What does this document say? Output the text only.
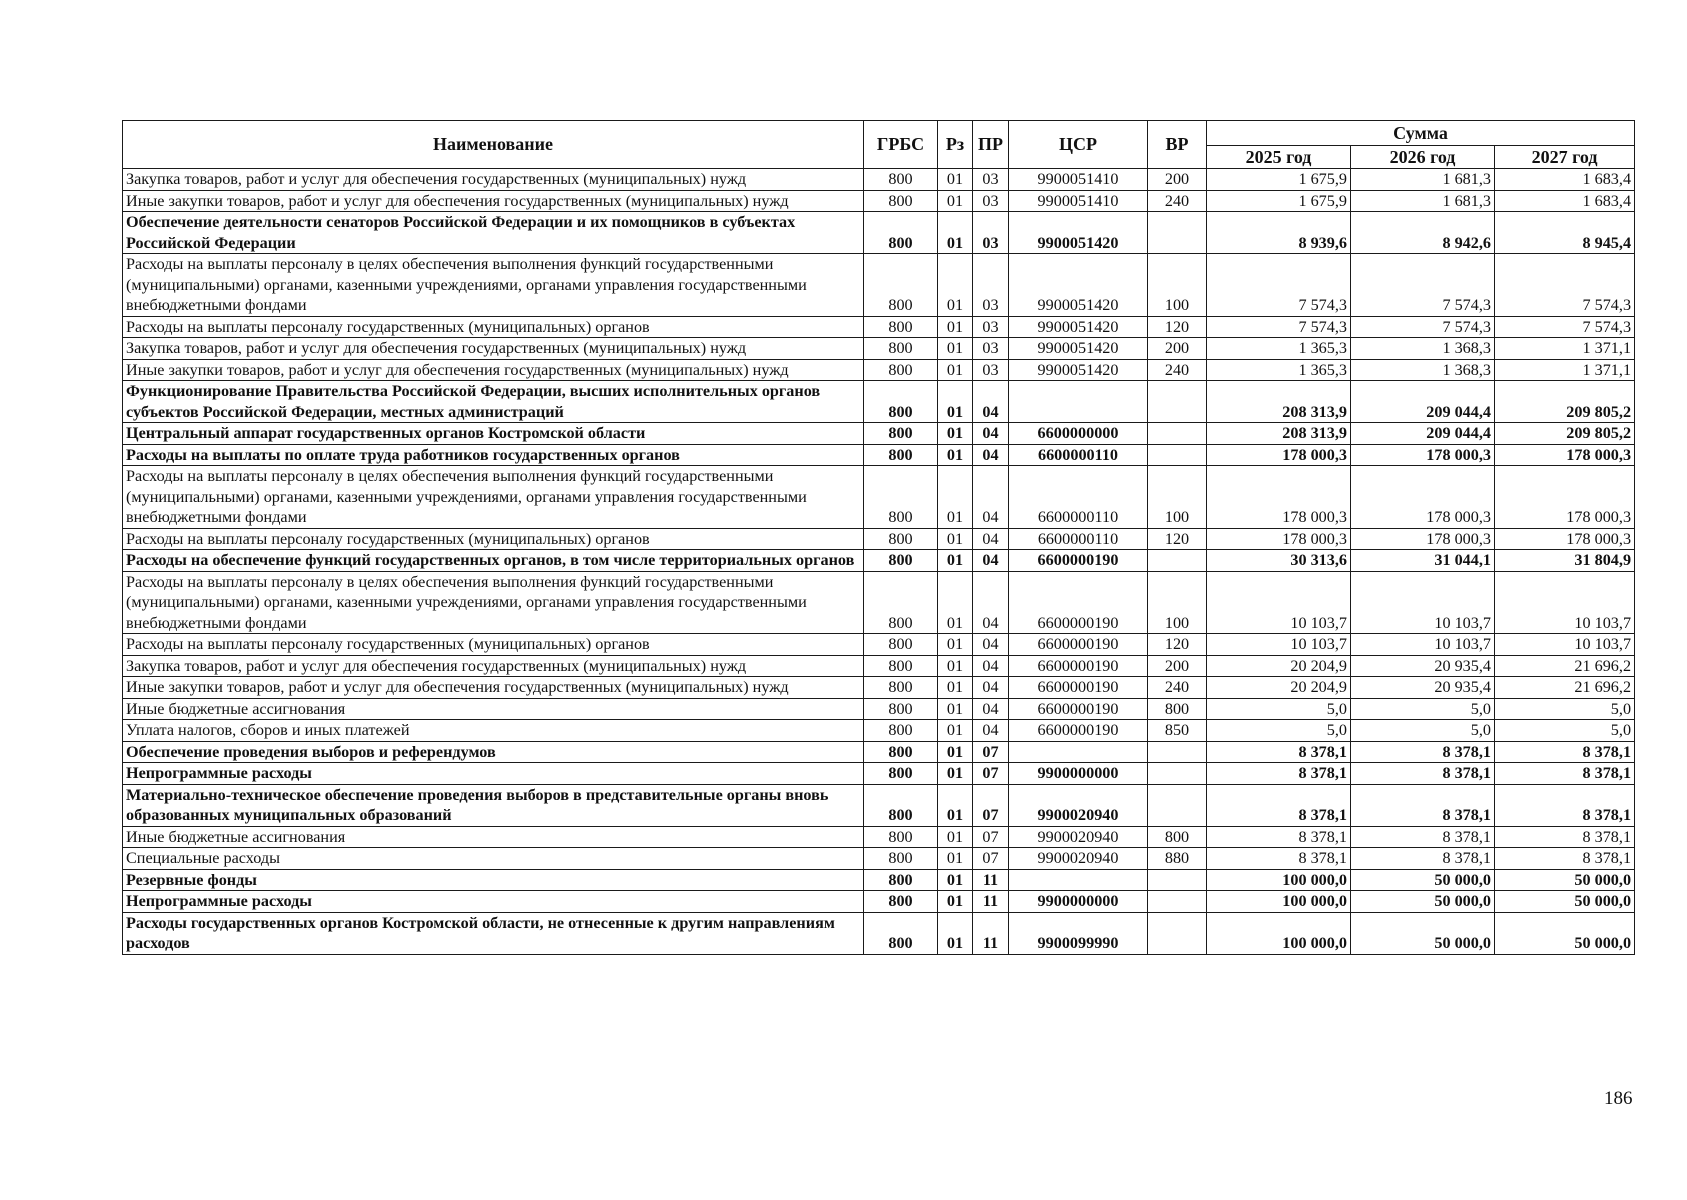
Наименование	ГРБС	Рз	ПР	ЦСР	ВР	Сумма		
						2025 год	2026 год	2027 год
Закупка товаров, работ и услуг для обеспечения государственных (муниципальных) нужд	800	01	03	9900051410	200	1 675,9	1 681,3	1 683,4
Иные закупки товаров, работ и услуг для обеспечения государственных (муниципальных) нужд	800	01	03	9900051410	240	1 675,9	1 681,3	1 683,4
Обеспечение деятельности сенаторов Российской Федерации и их помощников в субъектах Российской Федерации	800	01	03	9900051420		8 939,6	8 942,6	8 945,4
Расходы на выплаты персоналу в целях обеспечения выполнения функций государственными (муниципальными) органами, казенными учреждениями, органами управления государственными внебюджетными фондами	800	01	03	9900051420	100	7 574,3	7 574,3	7 574,3
Расходы на выплаты персоналу государственных (муниципальных) органов	800	01	03	9900051420	120	7 574,3	7 574,3	7 574,3
Закупка товаров, работ и услуг для обеспечения государственных (муниципальных) нужд	800	01	03	9900051420	200	1 365,3	1 368,3	1 371,1
Иные закупки товаров, работ и услуг для обеспечения государственных (муниципальных) нужд	800	01	03	9900051420	240	1 365,3	1 368,3	1 371,1
Функционирование Правительства Российской Федерации, высших исполнительных органов субъектов Российской Федерации, местных администраций	800	01	04			208 313,9	209 044,4	209 805,2
Центральный аппарат государственных органов Костромской области	800	01	04	6600000000		208 313,9	209 044,4	209 805,2
Расходы на выплаты по оплате труда работников государственных органов	800	01	04	6600000110		178 000,3	178 000,3	178 000,3
Расходы на выплаты персоналу в целях обеспечения выполнения функций государственными (муниципальными) органами, казенными учреждениями, органами управления государственными внебюджетными фондами	800	01	04	6600000110	100	178 000,3	178 000,3	178 000,3
Расходы на выплаты персоналу государственных (муниципальных) органов	800	01	04	6600000110	120	178 000,3	178 000,3	178 000,3
Расходы на обеспечение функций государственных органов, в том числе территориальных органов	800	01	04	6600000190		30 313,6	31 044,1	31 804,9
Расходы на выплаты персоналу в целях обеспечения выполнения функций государственными (муниципальными) органами, казенными учреждениями, органами управления государственными внебюджетными фондами	800	01	04	6600000190	100	10 103,7	10 103,7	10 103,7
Расходы на выплаты персоналу государственных (муниципальных) органов	800	01	04	6600000190	120	10 103,7	10 103,7	10 103,7
Закупка товаров, работ и услуг для обеспечения государственных (муниципальных) нужд	800	01	04	6600000190	200	20 204,9	20 935,4	21 696,2
Иные закупки товаров, работ и услуг для обеспечения государственных (муниципальных) нужд	800	01	04	6600000190	240	20 204,9	20 935,4	21 696,2
Иные бюджетные ассигнования	800	01	04	6600000190	800	5,0	5,0	5,0
Уплата налогов, сборов и иных платежей	800	01	04	6600000190	850	5,0	5,0	5,0
Обеспечение проведения выборов и референдумов	800	01	07			8 378,1	8 378,1	8 378,1
Непрограммные расходы	800	01	07	9900000000		8 378,1	8 378,1	8 378,1
Материально-техническое обеспечение проведения выборов в представительные органы вновь образованных муниципальных образований	800	01	07	9900020940		8 378,1	8 378,1	8 378,1
Иные бюджетные ассигнования	800	01	07	9900020940	800	8 378,1	8 378,1	8 378,1
Специальные расходы	800	01	07	9900020940	880	8 378,1	8 378,1	8 378,1
Резервные фонды	800	01	11			100 000,0	50 000,0	50 000,0
Непрограммные расходы	800	01	11	9900000000		100 000,0	50 000,0	50 000,0
Расходы государственных органов Костромской области, не отнесенные к другим направлениям расходов	800	01	11	9900099990		100 000,0	50 000,0	50 000,0
186
